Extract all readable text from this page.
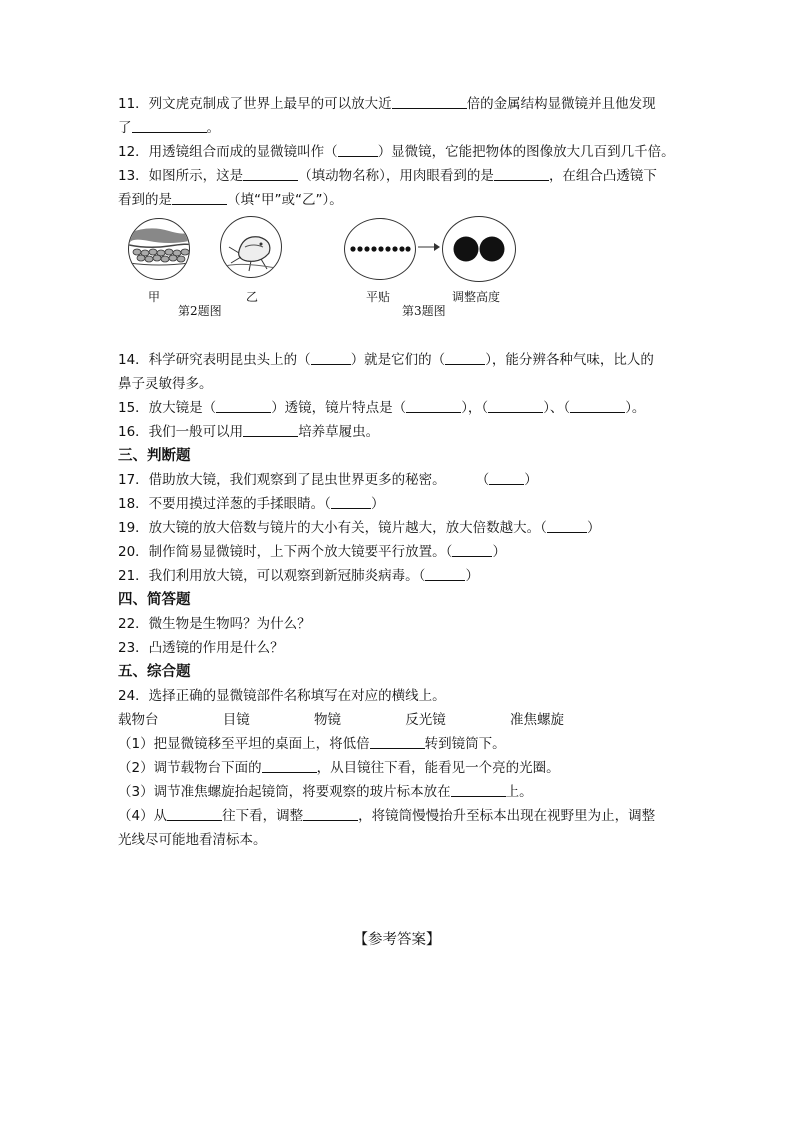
11．列文虎克制成了世界上最早的可以放大近	倍的金属结构显微镜并且他发现
了	。
12．用透镜组合而成的显微镜叫作（	）显微镜，它能把物体的图像放大几百到几千倍。
13．如图所示，这是	（填动物名称），用肉眼看到的是	，在组合凸透镜下
看到的是	（填“甲”或“乙”）。
甲	乙
第2题图
平贴	调整高度
第3题图
14．科学研究表明昆虫头上的（	）就是它们的（	），能分辨各种气味，比人的
鼻子灵敏得多。
15．放大镜是（	）透镜，镜片特点是（	），（	）、（	）。
16．我们一般可以用	培养草履虫。
三、判断题
17．借助放大镜，我们观察到了昆虫世界更多的秘密。 （	）
18．不要用摸过洋葱的手揉眼睛。（	）
19．放大镜的放大倍数与镜片的大小有关，镜片越大，放大倍数越大。（	）
20．制作简易显微镜时，上下两个放大镜要平行放置。（	）
21．我们利用放大镜，可以观察到新冠肺炎病毒。（	）
四、简答题
22．微生物是生物吗？为什么？
23．凸透镜的作用是什么？
五、综合题
24．选择正确的显微镜部件名称填写在对应的横线上。
载物台	目镜	物镜	反光镜	准焦螺旋
（1）把显微镜移至平坦的桌面上，将低倍	转到镜筒下。
（2）调节载物台下面的	，从目镜往下看，能看见一个亮的光圈。
（3）调节准焦螺旋抬起镜筒，将要观察的玻片标本放在	上。
（4）从	往下看，调整	，将镜筒慢慢抬升至标本出现在视野里为止，调整
光线尽可能地看清标本。
【参考答案】
